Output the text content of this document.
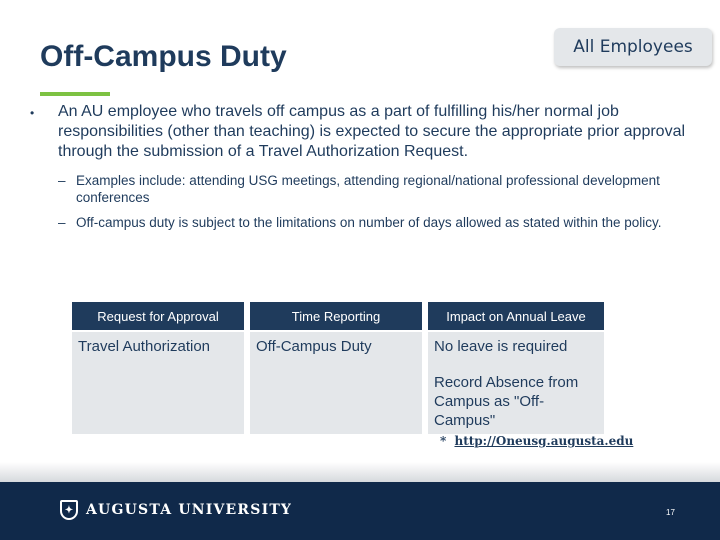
Off-Campus Duty	All Employees
• An AU employee who travels off campus as a part of fulfilling his/her normal job responsibilities (other than teaching) is expected to secure the appropriate prior approval through the submission of a Travel Authorization Request.
– Examples include: attending USG meetings, attending regional/national professional development conferences
– Off-campus duty is subject to the limitations on number of days allowed as stated within the policy.
Request for Approval		Time Reporting		Impact on Annual Leave

Travel Authorization		Off-Campus Duty		No leave is required
Record Absence from Campus as "Off-Campus"
* http://Oneusg.augusta.edu
✦ AUGUSTA UNIVERSITY	17
